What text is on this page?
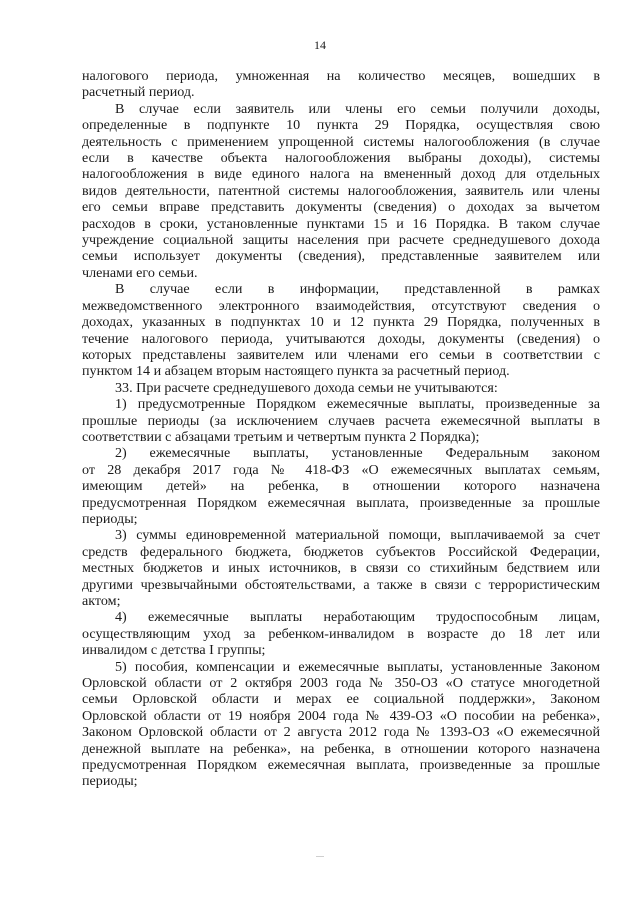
14
налогового периода, умноженная на количество месяцев, вошедших в
расчетный период.
В случае если заявитель или члены его семьи получили доходы,
определенные в подпункте 10 пункта 29 Порядка, осуществляя свою
деятельность с применением упрощенной системы налогообложения (в случае
если в качестве объекта налогообложения выбраны доходы), системы
налогообложения в виде единого налога на вмененный доход для отдельных
видов деятельности, патентной системы налогообложения, заявитель или члены
его семьи вправе представить документы (сведения) о доходах за вычетом
расходов в сроки, установленные пунктами 15 и 16 Порядка. В таком случае
учреждение социальной защиты населения при расчете среднедушевого дохода
семьи использует документы (сведения), представленные заявителем или
членами его семьи.
В случае если в информации, представленной в рамках
межведомственного электронного взаимодействия, отсутствуют сведения о
доходах, указанных в подпунктах 10 и 12 пункта 29 Порядка, полученных в
течение налогового периода, учитываются доходы, документы (сведения) о
которых представлены заявителем или членами его семьи в соответствии с
пунктом 14 и абзацем вторым настоящего пункта за расчетный период.
33. При расчете среднедушевого дохода семьи не учитываются:
1) предусмотренные Порядком ежемесячные выплаты, произведенные за
прошлые периоды (за исключением случаев расчета ежемесячной выплаты в
соответствии с абзацами третьим и четвертым пункта 2 Порядка);
2) ежемесячные выплаты, установленные Федеральным законом
от 28 декабря 2017 года № 418-ФЗ «О ежемесячных выплатах семьям,
имеющим детей» на ребенка, в отношении которого назначена
предусмотренная Порядком ежемесячная выплата, произведенные за прошлые
периоды;
3) суммы единовременной материальной помощи, выплачиваемой за счет
средств федерального бюджета, бюджетов субъектов Российской Федерации,
местных бюджетов и иных источников, в связи со стихийным бедствием или
другими чрезвычайными обстоятельствами, а также в связи с террористическим
актом;
4) ежемесячные выплаты неработающим трудоспособным лицам,
осуществляющим уход за ребенком-инвалидом в возрасте до 18 лет или
инвалидом с детства I группы;
5) пособия, компенсации и ежемесячные выплаты, установленные Законом
Орловской области от 2 октября 2003 года № 350-ОЗ «О статусе многодетной
семьи Орловской области и мерах ее социальной поддержки», Законом
Орловской области от 19 ноября 2004 года № 439-ОЗ «О пособии на ребенка»,
Законом Орловской области от 2 августа 2012 года № 1393-ОЗ «О ежемесячной
денежной выплате на ребенка», на ребенка, в отношении которого назначена
предусмотренная Порядком ежемесячная выплата, произведенные за прошлые
периоды;
